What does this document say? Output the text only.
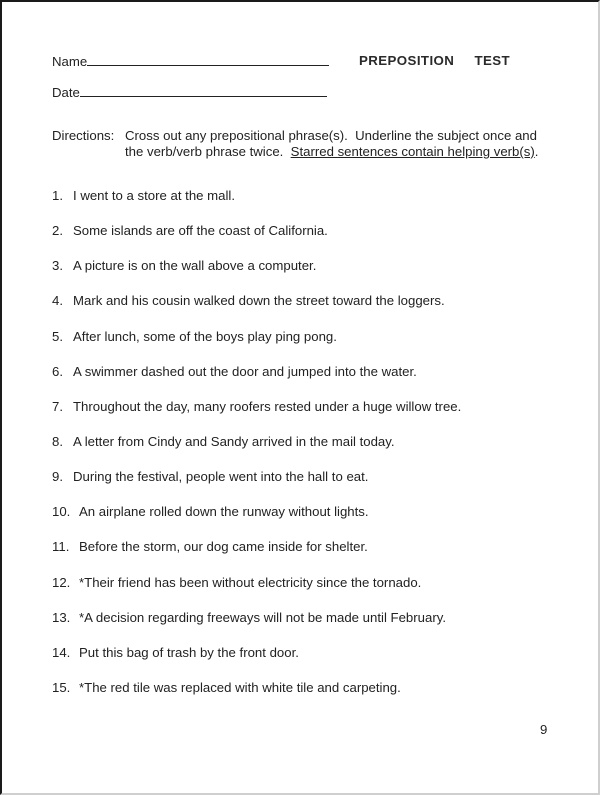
Name
Date
PREPOSITION  TEST
Directions: Cross out any prepositional phrase(s).  Underline the subject once and the verb/verb phrase twice.  Starred sentences contain helping verb(s).
1. I went to a store at the mall.
2. Some islands are off the coast of California.
3. A picture is on the wall above a computer.
4. Mark and his cousin walked down the street toward the loggers.
5. After lunch, some of the boys play ping pong.
6. A swimmer dashed out the door and jumped into the water.
7. Throughout the day, many roofers rested under a huge willow tree.
8. A letter from Cindy and Sandy arrived in the mail today.
9. During the festival, people went into the hall to eat.
10. An airplane rolled down the runway without lights.
11. Before the storm, our dog came inside for shelter.
12. *Their friend has been without electricity since the tornado.
13. *A decision regarding freeways will not be made until February.
14. Put this bag of trash by the front door.
15. *The red tile was replaced with white tile and carpeting.
9
